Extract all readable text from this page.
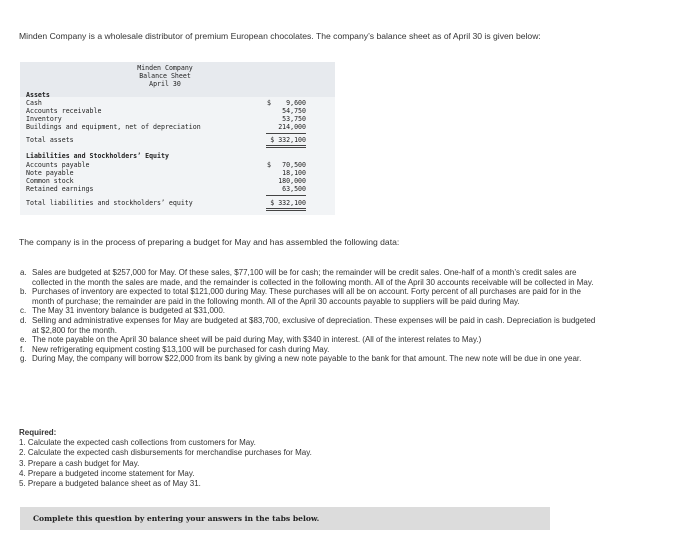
Minden Company is a wholesale distributor of premium European chocolates. The company’s balance sheet as of April 30 is given below:
Minden Company
Balance Sheet
April 30
Assets
Cash	$ 9,600
Accounts receivable	54,750
Inventory	53,750
Buildings and equipment, net of depreciation	214,000
Total assets	$ 332,100
Liabilities and Stockholders’ Equity
Accounts payable	$ 70,500
Note payable	18,100
Common stock	180,000
Retained earnings	63,500
Total liabilities and stockholders’ equity	$ 332,100
The company is in the process of preparing a budget for May and has assembled the following data:
a. Sales are budgeted at $257,000 for May. Of these sales, $77,100 will be for cash; the remainder will be credit sales. One-half of a month’s credit sales are collected in the month the sales are made, and the remainder is collected in the following month. All of the April 30 accounts receivable will be collected in May.
b. Purchases of inventory are expected to total $121,000 during May. These purchases will all be on account. Forty percent of all purchases are paid for in the month of purchase; the remainder are paid in the following month. All of the April 30 accounts payable to suppliers will be paid during May.
c. The May 31 inventory balance is budgeted at $31,000.
d. Selling and administrative expenses for May are budgeted at $83,700, exclusive of depreciation. These expenses will be paid in cash. Depreciation is budgeted at $2,800 for the month.
e. The note payable on the April 30 balance sheet will be paid during May, with $340 in interest. (All of the interest relates to May.)
f. New refrigerating equipment costing $13,100 will be purchased for cash during May.
g. During May, the company will borrow $22,000 from its bank by giving a new note payable to the bank for that amount. The new note will be due in one year.
Required:
1. Calculate the expected cash collections from customers for May.
2. Calculate the expected cash disbursements for merchandise purchases for May.
3. Prepare a cash budget for May.
4. Prepare a budgeted income statement for May.
5. Prepare a budgeted balance sheet as of May 31.
Complete this question by entering your answers in the tabs below.
